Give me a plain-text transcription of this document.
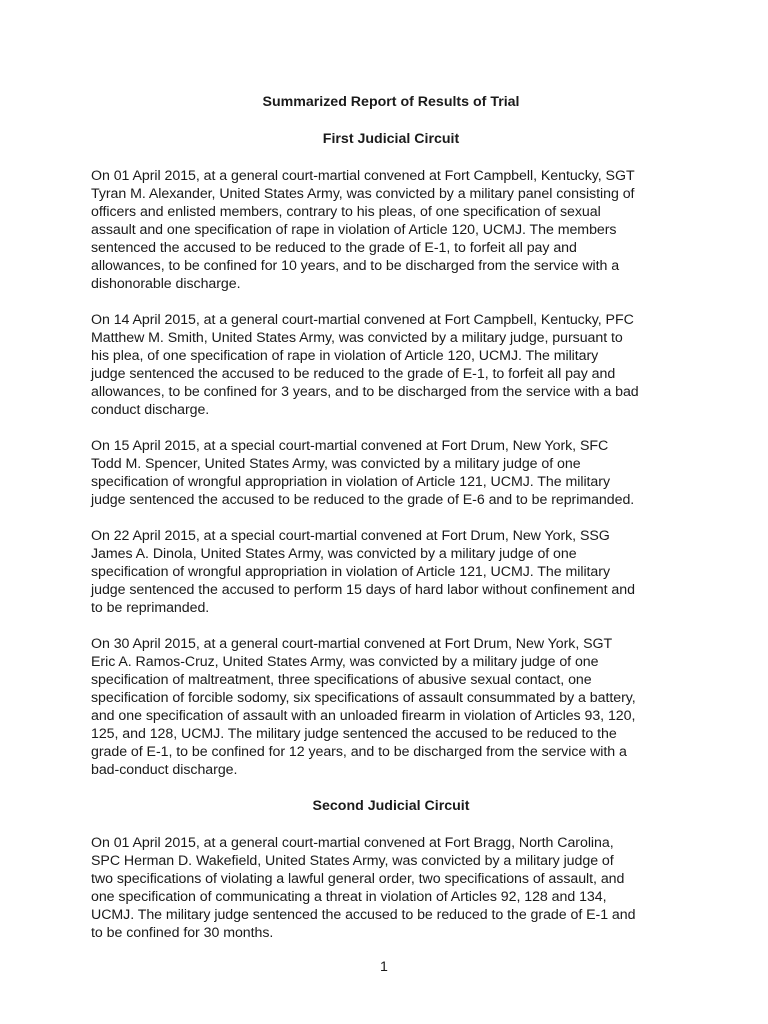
Summarized Report of Results of Trial
First Judicial Circuit

On 01 April 2015, at a general court-martial convened at Fort Campbell, Kentucky, SGT
Tyran M. Alexander, United States Army, was convicted by a military panel consisting of
officers and enlisted members, contrary to his pleas, of one specification of sexual
assault and one specification of rape in violation of Article 120, UCMJ. The members
sentenced the accused to be reduced to the grade of E-1, to forfeit all pay and
allowances, to be confined for 10 years, and to be discharged from the service with a
dishonorable discharge.

On 14 April 2015, at a general court-martial convened at Fort Campbell, Kentucky, PFC
Matthew M. Smith, United States Army, was convicted by a military judge, pursuant to
his plea, of one specification of rape in violation of Article 120, UCMJ. The military
judge sentenced the accused to be reduced to the grade of E-1, to forfeit all pay and
allowances, to be confined for 3 years, and to be discharged from the service with a bad
conduct discharge.

On 15 April 2015, at a special court-martial convened at Fort Drum, New York, SFC
Todd M. Spencer, United States Army, was convicted by a military judge of one
specification of wrongful appropriation in violation of Article 121, UCMJ. The military
judge sentenced the accused to be reduced to the grade of E-6 and to be reprimanded.

On 22 April 2015, at a special court-martial convened at Fort Drum, New York, SSG
James A. Dinola, United States Army, was convicted by a military judge of one
specification of wrongful appropriation in violation of Article 121, UCMJ. The military
judge sentenced the accused to perform 15 days of hard labor without confinement and
to be reprimanded.

On 30 April 2015, at a general court-martial convened at Fort Drum, New York, SGT
Eric A. Ramos-Cruz, United States Army, was convicted by a military judge of one
specification of maltreatment, three specifications of abusive sexual contact, one
specification of forcible sodomy, six specifications of assault consummated by a battery,
and one specification of assault with an unloaded firearm in violation of Articles 93, 120,
125, and 128, UCMJ. The military judge sentenced the accused to be reduced to the
grade of E-1, to be confined for 12 years, and to be discharged from the service with a
bad-conduct discharge.

Second Judicial Circuit

On 01 April 2015, at a general court-martial convened at Fort Bragg, North Carolina,
SPC Herman D. Wakefield, United States Army, was convicted by a military judge of
two specifications of violating a lawful general order, two specifications of assault, and
one specification of communicating a threat in violation of Articles 92, 128 and 134,
UCMJ. The military judge sentenced the accused to be reduced to the grade of E-1 and
to be confined for 30 months.

1
